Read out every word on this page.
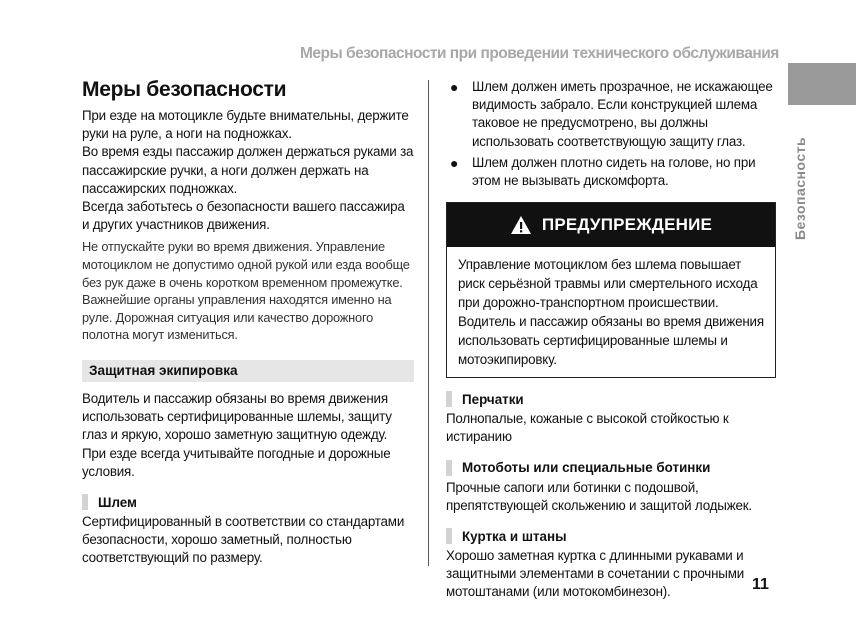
Меры безопасности при проведении технического обслуживания
Безопасность
Меры безопасности

При езде на мотоцикле будьте внимательны, держите руки на руле, а ноги на подножках.

Во время езды пассажир должен держаться руками за пассажирские ручки, а ноги должен держать на пассажирских подножках.

Всегда заботьтесь о безопасности вашего пассажира и других участников движения.

Не отпускайте руки во время движения. Управление мотоциклом не допустимо одной рукой или езда вообще без рук даже в очень коротком временном промежутке. Важнейшие органы управления находятся именно на руле. Дорожная ситуация или качество дорожного полотна могут измениться.

Защитная экипировка

Водитель и пассажир обязаны во время движения использовать сертифицированные шлемы, защиту глаз и яркую, хорошо заметную защитную одежду. При езде всегда учитывайте погодные и дорожные условия.

Шлем

Сертифицированный в соответствии со стандартами безопасности, хорошо заметный, полностью соответствующий по размеру.

● Шлем должен иметь прозрачное, не искажающее видимость забрало. Если конструкцией шлема таковое не предусмотрено, вы должны использовать соответствующую защиту глаз.
● Шлем должен плотно сидеть на голове, но при этом не вызывать дискомфорта.
ПРЕДУПРЕЖДЕНИЕ
Управление мотоциклом без шлема повышает риск серьёзной травмы или смертельного исхода при дорожно-транспортном происшествии. Водитель и пассажир обязаны во время движения использовать сертифицированные шлемы и мотоэкипировку.
Перчатки

Полнопалые, кожаные с высокой стойкостью к истиранию

Мотоботы или специальные ботинки

Прочные сапоги или ботинки с подошвой, препятствующей скольжению и защитой лодыжек.

Куртка и штаны

Хорошо заметная куртка с длинными рукавами и защитными элементами в сочетании с прочными мотоштанами (или мотокомбинезон).	11
